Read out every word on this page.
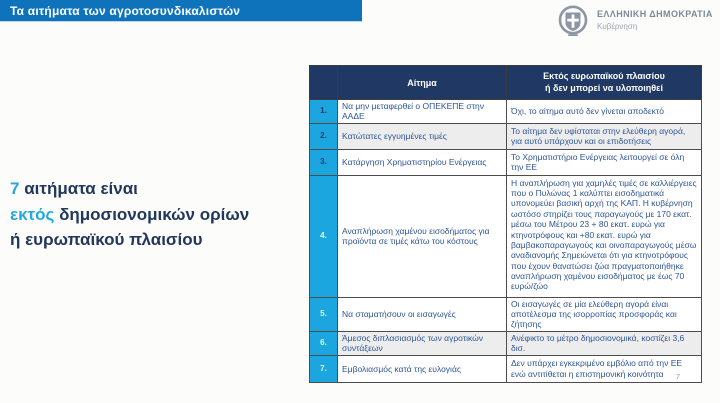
Τα αιτήματα των αγροτοσυνδικαλιστών	ΕΛΛΗΝΙΚΗ ΔΗΜΟΚΡΑΤΙΑ
Κυβέρνηση
7 αιτήματα είναι
εκτός δημοσιονομικών ορίων
ή ευρωπαϊκού πλαισίου
	Αίτημα	Εκτός ευρωπαϊκού πλαισίου
ή δεν μπορεί να υλοποιηθεί

1.	Να μην μεταφερθεί ο ΟΠΕΚΕΠΕ στην ΑΑΔΕ	Όχι, το αίτημα αυτό δεν γίνεται αποδεκτό
2.	Κατώτατες εγγυημένες τιμές	Το αίτημα δεν υφίσταται στην ελεύθερη αγορά, για αυτό υπάρχουν και οι επιδοτήσεις
3.	Κατάργηση Χρηματιστηρίου Ενέργειας	Το Χρηματιστήριο Ενέργειας λειτουργεί σε όλη την ΕΕ
4.	Αναπλήρωση χαμένου εισοδήματος για προϊόντα σε τιμές κάτω του κόστους	Η αναπλήρωση για χαμηλές τιμές σε καλλιέργειες που ο Πυλώνας 1 καλύπτει εισοδηματικά υπονομεύει βασική αρχή της ΚΑΠ. Η κυβέρνηση ωστόσο στηρίζει τους παραγωγούς με 170 εκατ. μέσω του Μέτρου 23 + 80 εκατ. ευρώ για κτηνοτρόφους και +80 εκατ. ευρώ για βαμβακοπαραγωγούς και οινοπαραγωγούς μέσω αναδιανομής Σημειώνεται ότι για κτηνοτρόφους που έχουν θανατώσει ζώα πραγματοποιήθηκε αναπλήρωση χαμένου εισοδήματος με έως 70 ευρώ/ζώο
5.	Να σταματήσουν οι εισαγωγές	Οι εισαγωγές σε μία ελεύθερη αγορά είναι αποτέλεσμα της ισορροπίας προσφοράς και ζήτησης
6.	Άμεσος διπλασιασμός των αγροτικών συντάξεων	Ανέφικτο το μέτρο δημοσιονομικά, κοστίζει 3,6 δισ.
7.	Εμβολιασμός κατά της ευλογιάς	Δεν υπάρχει εγκεκριμένο εμβόλιο από την ΕΕ ενώ αντιτίθεται η επιστημονική κοινότητα	7
